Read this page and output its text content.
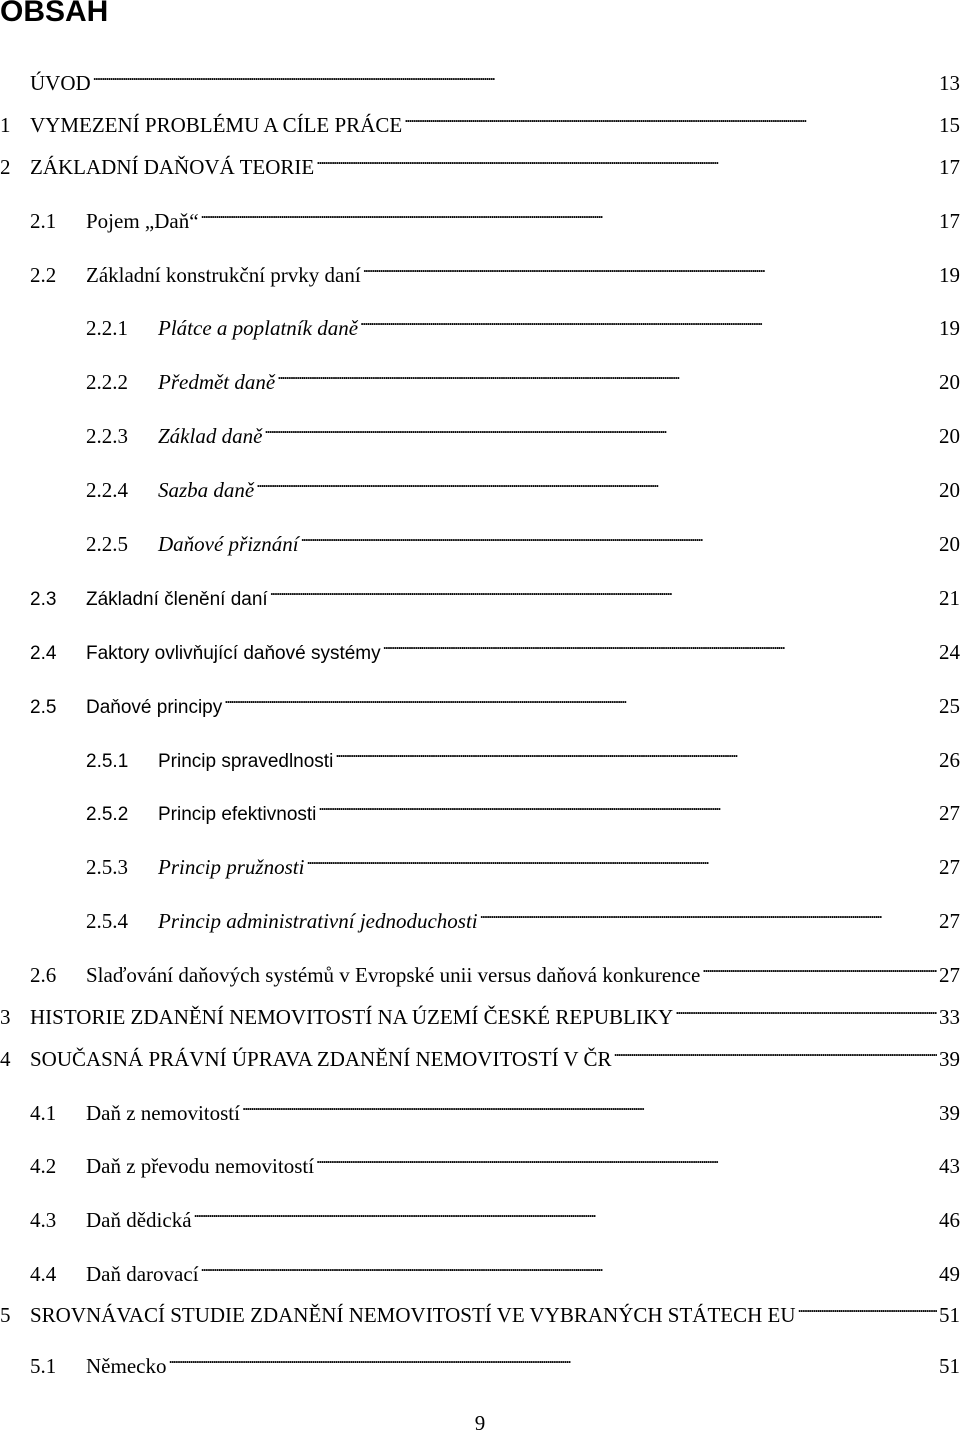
OBSAH
ÚVOD . . .	13
1 VYMEZENÍ PROBLÉMU A CÍLE PRÁCE . . .	15
2 ZÁKLADNÍ DAŇOVÁ TEORIE . . .	17
2.1	Pojem „Daň“ . . .	17
2.2	Základní konstrukční prvky daní . . .	19
2.2.1	Plátce a poplatník daně . . .	19
2.2.2	Předmět daně . . .	20
2.2.3	Základ daně . . .	20
2.2.4	Sazba daně . . .	20
2.2.5	Daňové přiznání . . .	20
2.3	Základní členění daní . . .	21
2.4	Faktory ovlivňující daňové systémy . . .	24
2.5	Daňové principy . . .	25
2.5.1	Princip spravedlnosti . . .	26
2.5.2	Princip efektivnosti . . .	27
2.5.3	Princip pružnosti . . .	27
2.5.4	Princip administrativní jednoduchosti . . .	27
2.6	Slaďování daňových systémů v Evropské unii versus daňová konkurence . . .	27
3 HISTORIE ZDANĚNÍ NEMOVITOSTÍ NA ÚZEMÍ ČESKÉ REPUBLIKY . . .	33
4 SOUČASNÁ PRÁVNÍ ÚPRAVA ZDANĚNÍ NEMOVITOSTÍ V ČR . . .	39
4.1	Daň z nemovitostí . . .	39
4.2	Daň z převodu nemovitostí . . .	43
4.3	Daň dědická . . .	46
4.4	Daň darovací . . .	49
5 SROVNÁVACÍ STUDIE ZDANĚNÍ NEMOVITOSTÍ VE VYBRANÝCH STÁTECH EU . . .	51
5.1	Německo . . .	51
9
